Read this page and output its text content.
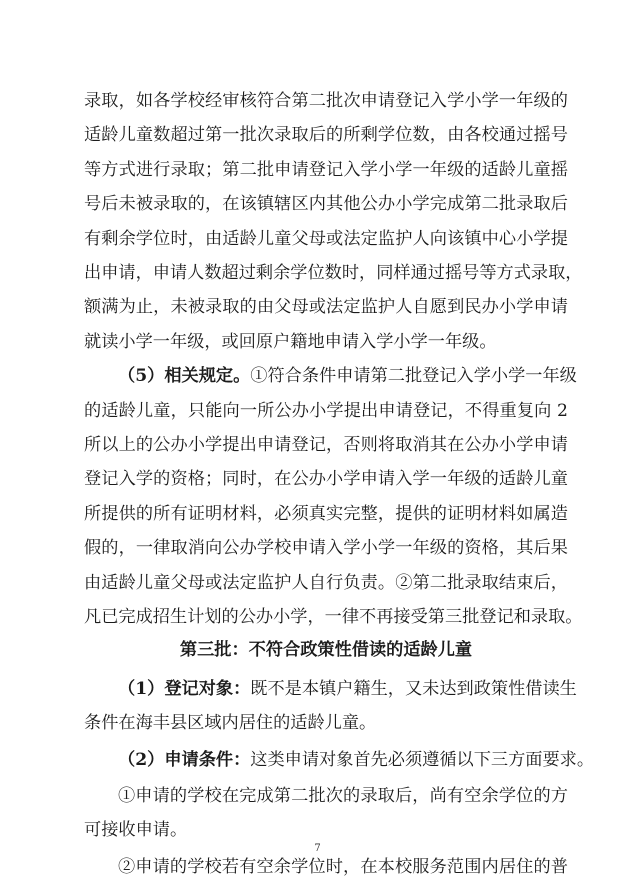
录取，如各学校经审核符合第二批次申请登记入学小学一年级的
适龄儿童数超过第一批次录取后的所剩学位数，由各校通过摇号
等方式进行录取；第二批申请登记入学小学一年级的适龄儿童摇
号后未被录取的，在该镇辖区内其他公办小学完成第二批录取后
有剩余学位时，由适龄儿童父母或法定监护人向该镇中心小学提
出申请，申请人数超过剩余学位数时，同样通过摇号等方式录取，
额满为止，未被录取的由父母或法定监护人自愿到民办小学申请
就读小学一年级，或回原户籍地申请入学小学一年级。
（5）相关规定。①符合条件申请第二批登记入学小学一年级
的适龄儿童，只能向一所公办小学提出申请登记，不得重复向 2
所以上的公办小学提出申请登记，否则将取消其在公办小学申请
登记入学的资格；同时，在公办小学申请入学一年级的适龄儿童
所提供的所有证明材料，必须真实完整，提供的证明材料如属造
假的，一律取消向公办学校申请入学小学一年级的资格，其后果
由适龄儿童父母或法定监护人自行负责。②第二批录取结束后，
凡已完成招生计划的公办小学，一律不再接受第三批登记和录取。
第三批：不符合政策性借读的适龄儿童
（1）登记对象：既不是本镇户籍生，又未达到政策性借读生
条件在海丰县区域内居住的适龄儿童。
（2）申请条件：这类申请对象首先必须遵循以下三方面要求。
①申请的学校在完成第二批次的录取后，尚有空余学位的方
7
可接收申请。
②申请的学校若有空余学位时，在本校服务范围内居住的普
